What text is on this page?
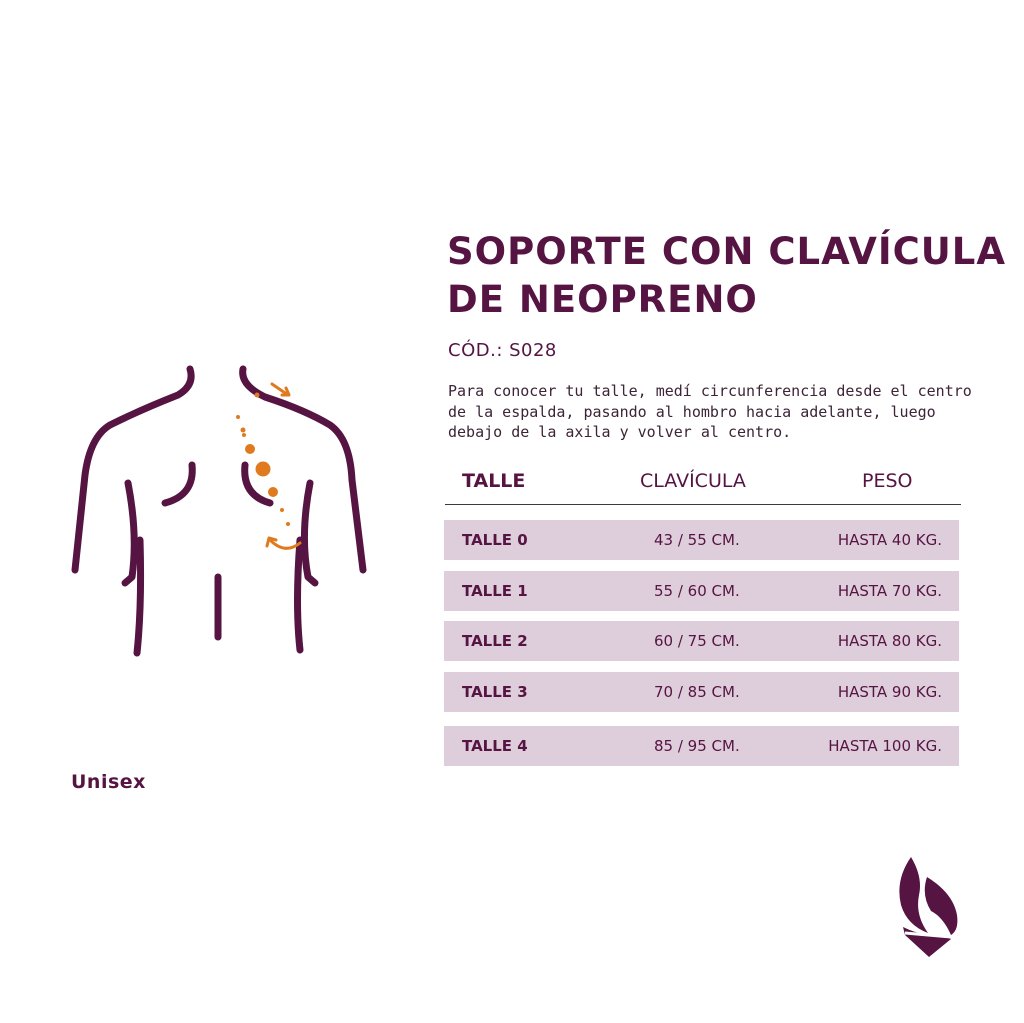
SOPORTE CON CLAVÍCULA
DE NEOPRENO
CÓD.: S028
Para conocer tu talle, medí circunferencia desde el centro
de la espalda, pasando al hombro hacia adelante, luego
debajo de la axila y volver al centro.
TALLE	CLAVÍCULA	PESO
TALLE 0	43 / 55 CM.	HASTA 40 KG.
TALLE 1	55 / 60 CM.	HASTA 70 KG.
TALLE 2	60 / 75 CM.	HASTA 80 KG.
TALLE 3	70 / 85 CM.	HASTA 90 KG.
TALLE 4	85 / 95 CM.	HASTA 100 KG.
Unisex
